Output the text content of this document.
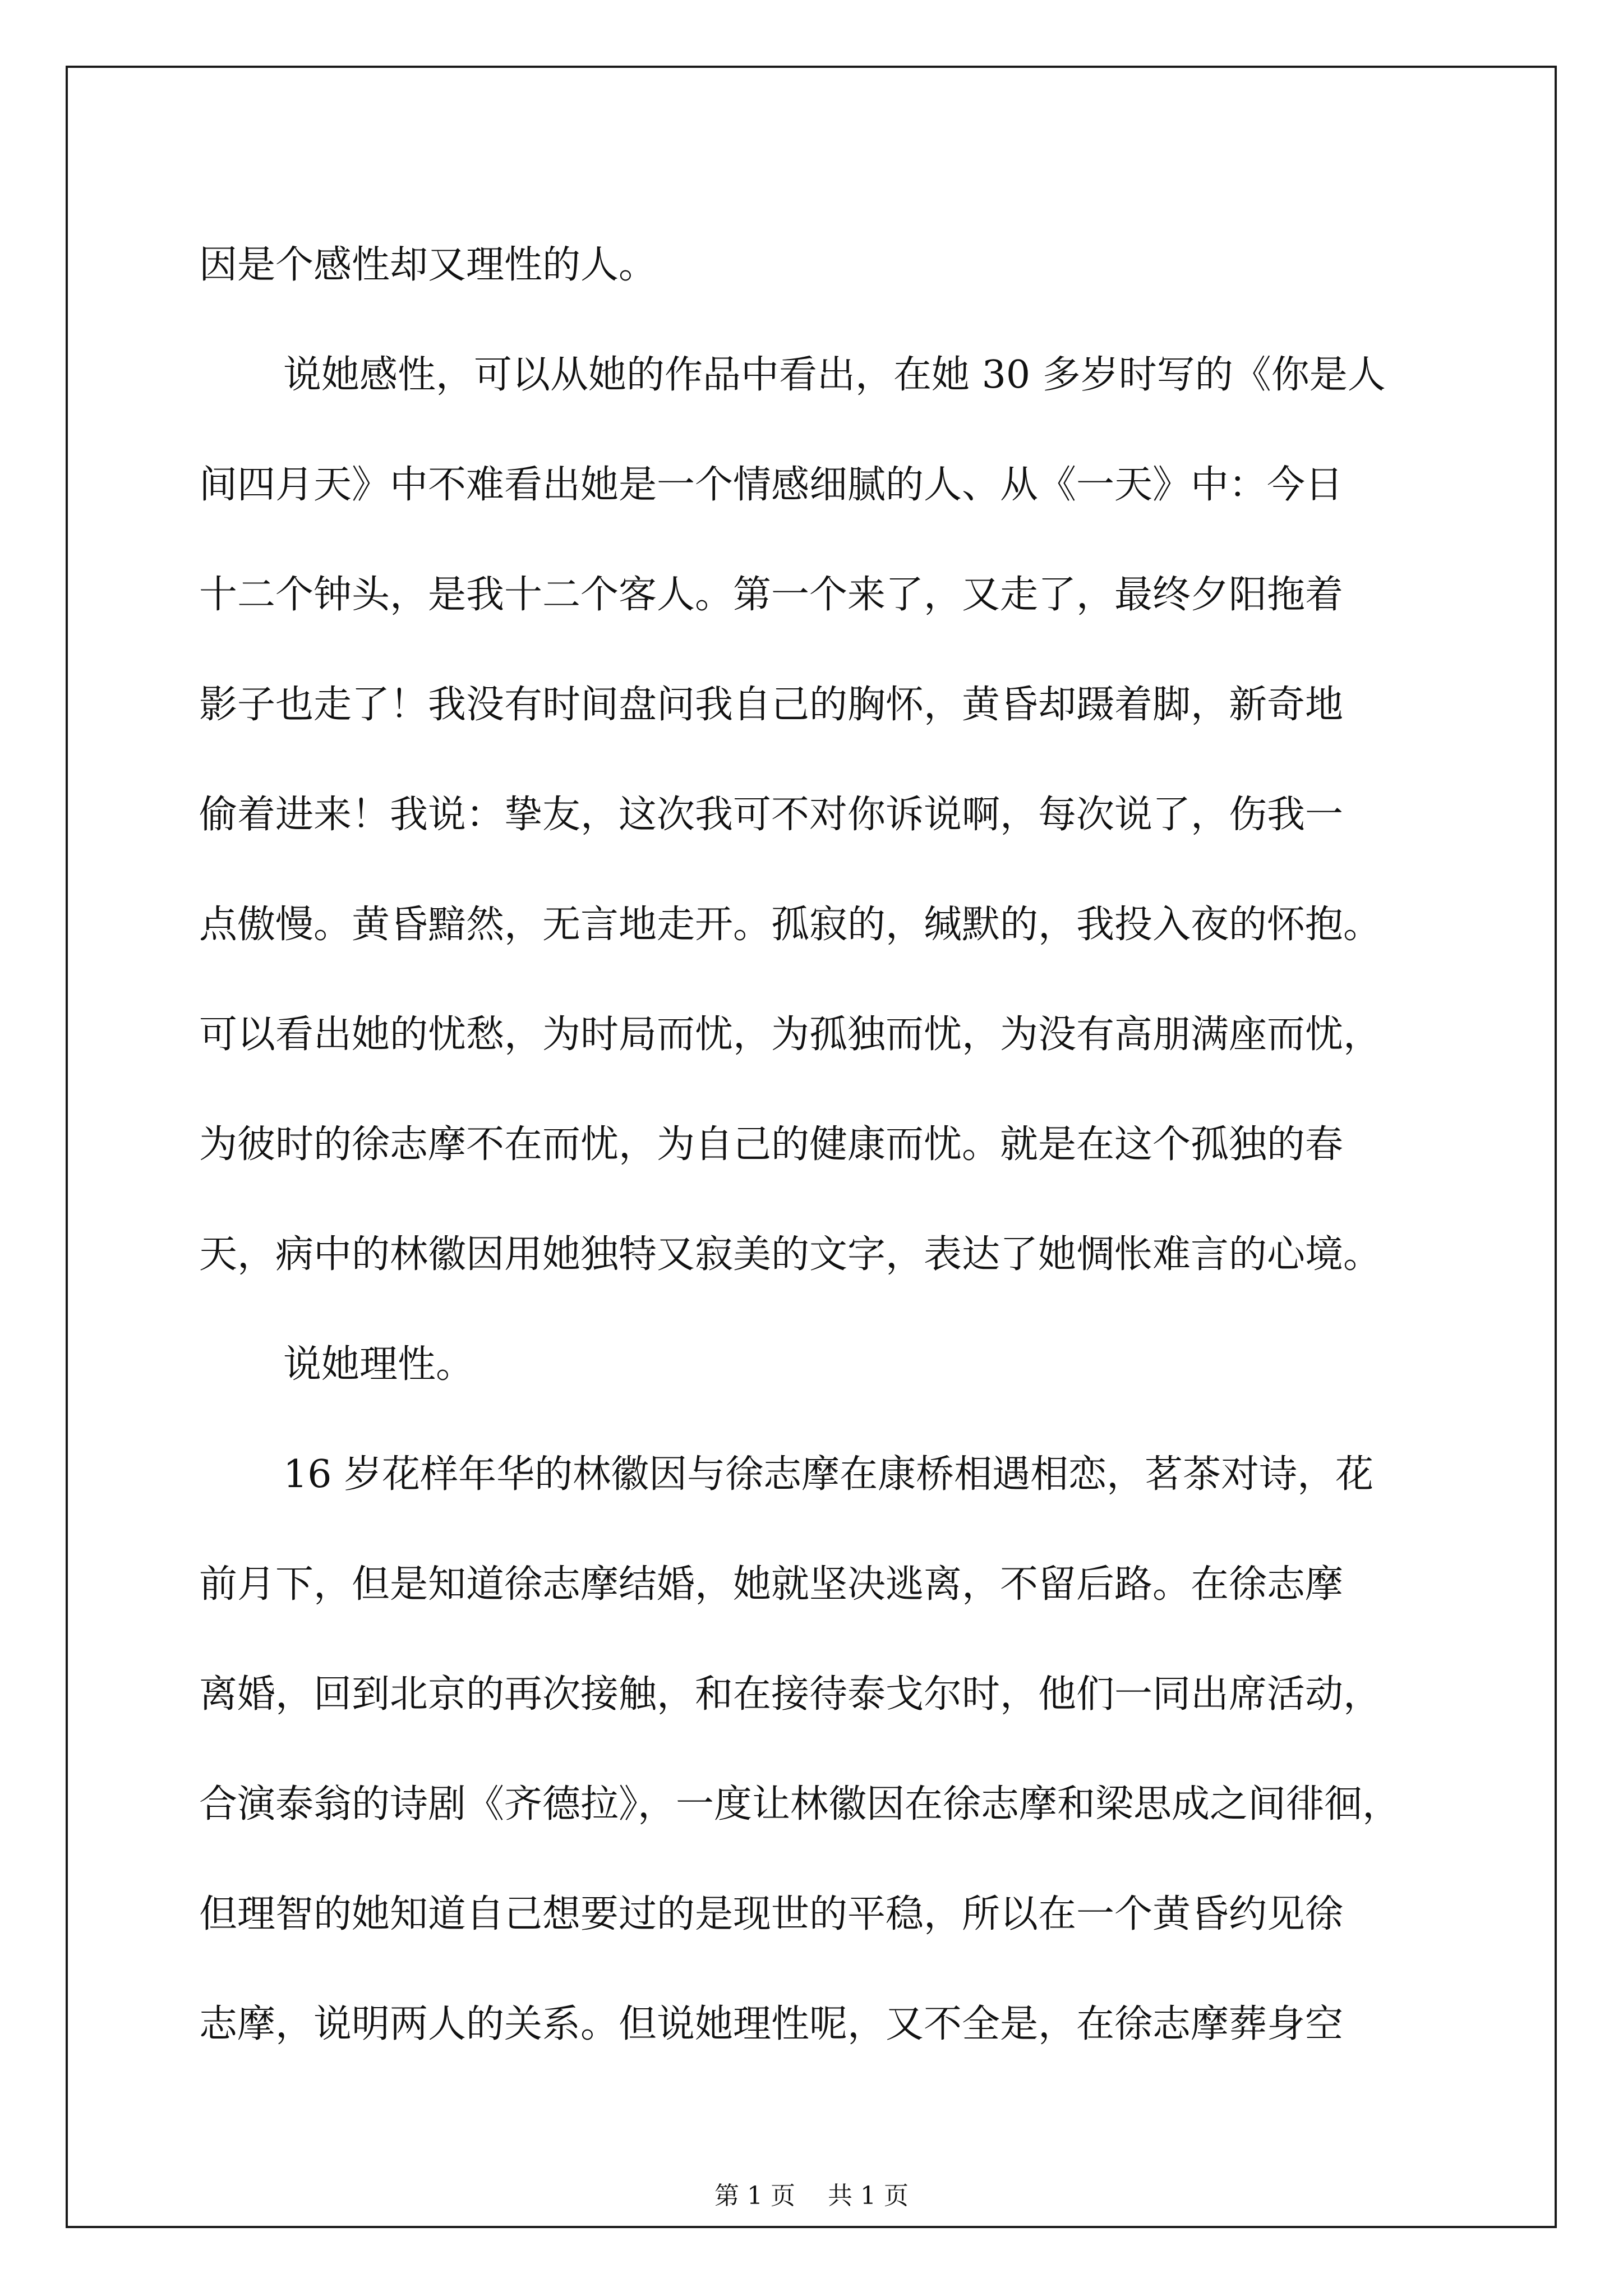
因是个感性却又理性的人。
说她感性，可以从她的作品中看出，在她 30 多岁时写的《你是人
间四月天》中不难看出她是一个情感细腻的人、从《一天》中：今日
十二个钟头，是我十二个客人。第一个来了，又走了，最终夕阳拖着
影子也走了！我没有时间盘问我自己的胸怀，黄昏却蹑着脚，新奇地
偷着进来！我说：挚友，这次我可不对你诉说啊，每次说了，伤我一
点傲慢。黄昏黯然，无言地走开。孤寂的，缄默的，我投入夜的怀抱。
可以看出她的忧愁，为时局而忧，为孤独而忧，为没有高朋满座而忧，
为彼时的徐志摩不在而忧，为自己的健康而忧。就是在这个孤独的春
天，病中的林徽因用她独特又寂美的文字，表达了她惆怅难言的心境。
说她理性。
16 岁花样年华的林徽因与徐志摩在康桥相遇相恋，茗茶对诗，花
前月下，但是知道徐志摩结婚，她就坚决逃离，不留后路。在徐志摩
离婚，回到北京的再次接触，和在接待泰戈尔时，他们一同出席活动，
合演泰翁的诗剧《齐德拉》，一度让林徽因在徐志摩和梁思成之间徘徊，
但理智的她知道自己想要过的是现世的平稳，所以在一个黄昏约见徐
志摩，说明两人的关系。但说她理性呢，又不全是，在徐志摩葬身空
第 1 页 共 1 页
